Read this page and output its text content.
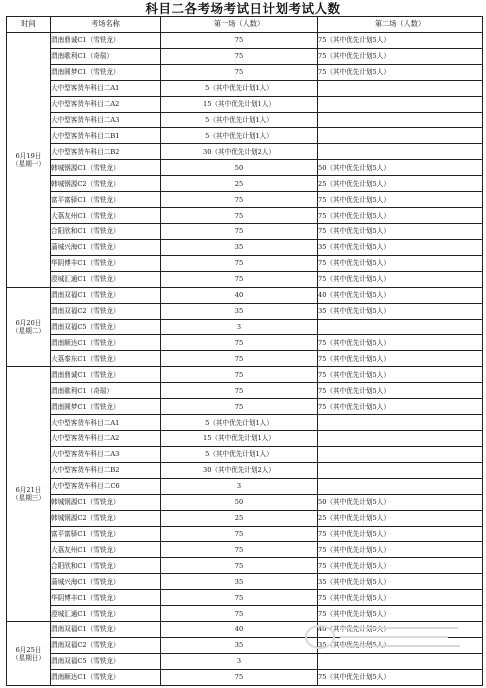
科目二各考场考试日计划考试人数
时间	考场名称	第一场（人数）	第二场（人数）

6月19日
（星期一）	渭南鼎诚C1（雪铁龙）	75	75（其中优先计划5人）
	渭南歌利C1（奇瑞）	75	75（其中优先计划5人）
	渭南圆梦C1（雪铁龙）	75	75（其中优先计划5人）
	大中型客货车科目二A1	5（其中优先计划1人）	
	大中型客货车科目二A2	15（其中优先计划1人）	
	大中型客货车科目二A3	5（其中优先计划1人）	
	大中型客货车科目二B1	5（其中优先计划1人）	
	大中型客货车科目二B2	30（其中优先计划2人）	
	韩城钢源C1（雪铁龙）	50	50（其中优先计划5人）
	韩城钢源C2（雪铁龙）	25	25（其中优先计划5人）
	富平富驿C1（雪铁龙）	75	75（其中优先计划5人）
	大荔友州C1（雪铁龙）	75	75（其中优先计划5人）
	合阳欣和C1（雪铁龙）	75	75（其中优先计划5人）
	蒲城兴海C1（雪铁龙）	35	35（其中优先计划5人）
	华阴博丰C1（雪铁龙）	75	75（其中优先计划5人）
	澄城汇通C1（雪铁龙）	75	75（其中优先计划5人）

6月20日
（星期二）	渭南双福C1（雪铁龙）	40	40（其中优先计划5人）
	渭南双福C2（雪铁龙）	35	35（其中优先计划5人）
	渭南双福C5（雪铁龙）	3	
	渭南顺达C1（雪铁龙）	75	75（其中优先计划5人）
	大荔秦东C1（雪铁龙）	75	75（其中优先计划5人）

6月21日
（星期三）	渭南鼎诚C1（雪铁龙）	75	75（其中优先计划5人）
	渭南歌利C1（奇瑞）	75	75（其中优先计划5人）
	渭南圆梦C1（雪铁龙）	75	75（其中优先计划5人）
	大中型客货车科目二A1	5（其中优先计划1人）	
	大中型客货车科目二A2	15（其中优先计划1人）	
	大中型客货车科目二A3	5（其中优先计划1人）	
	大中型客货车科目二B2	30（其中优先计划2人）	
	大中型客货车科目二C6	3	
	韩城钢源C1（雪铁龙）	50	50（其中优先计划5人）
	韩城钢源C2（雪铁龙）	25	25（其中优先计划5人）
	富平富驿C1（雪铁龙）	75	75（其中优先计划5人）
	大荔友州C1（雪铁龙）	75	75（其中优先计划5人）
	合阳欣和C1（雪铁龙）	75	75（其中优先计划5人）
	蒲城兴海C1（雪铁龙）	35	35（其中优先计划5人）
	华阴博丰C1（雪铁龙）	75	75（其中优先计划5人）
	澄城汇通C1（雪铁龙）	75	75（其中优先计划5人）

6月25日
（星期日）	渭南双福C1（雪铁龙）	40	40（其中优先计划5人）
	渭南双福C2（雪铁龙）	35	35（其中优先计划5人）
	渭南双福C5（雪铁龙）	3	
	渭南顺达C1（雪铁龙）	75	75（其中优先计划5人）
